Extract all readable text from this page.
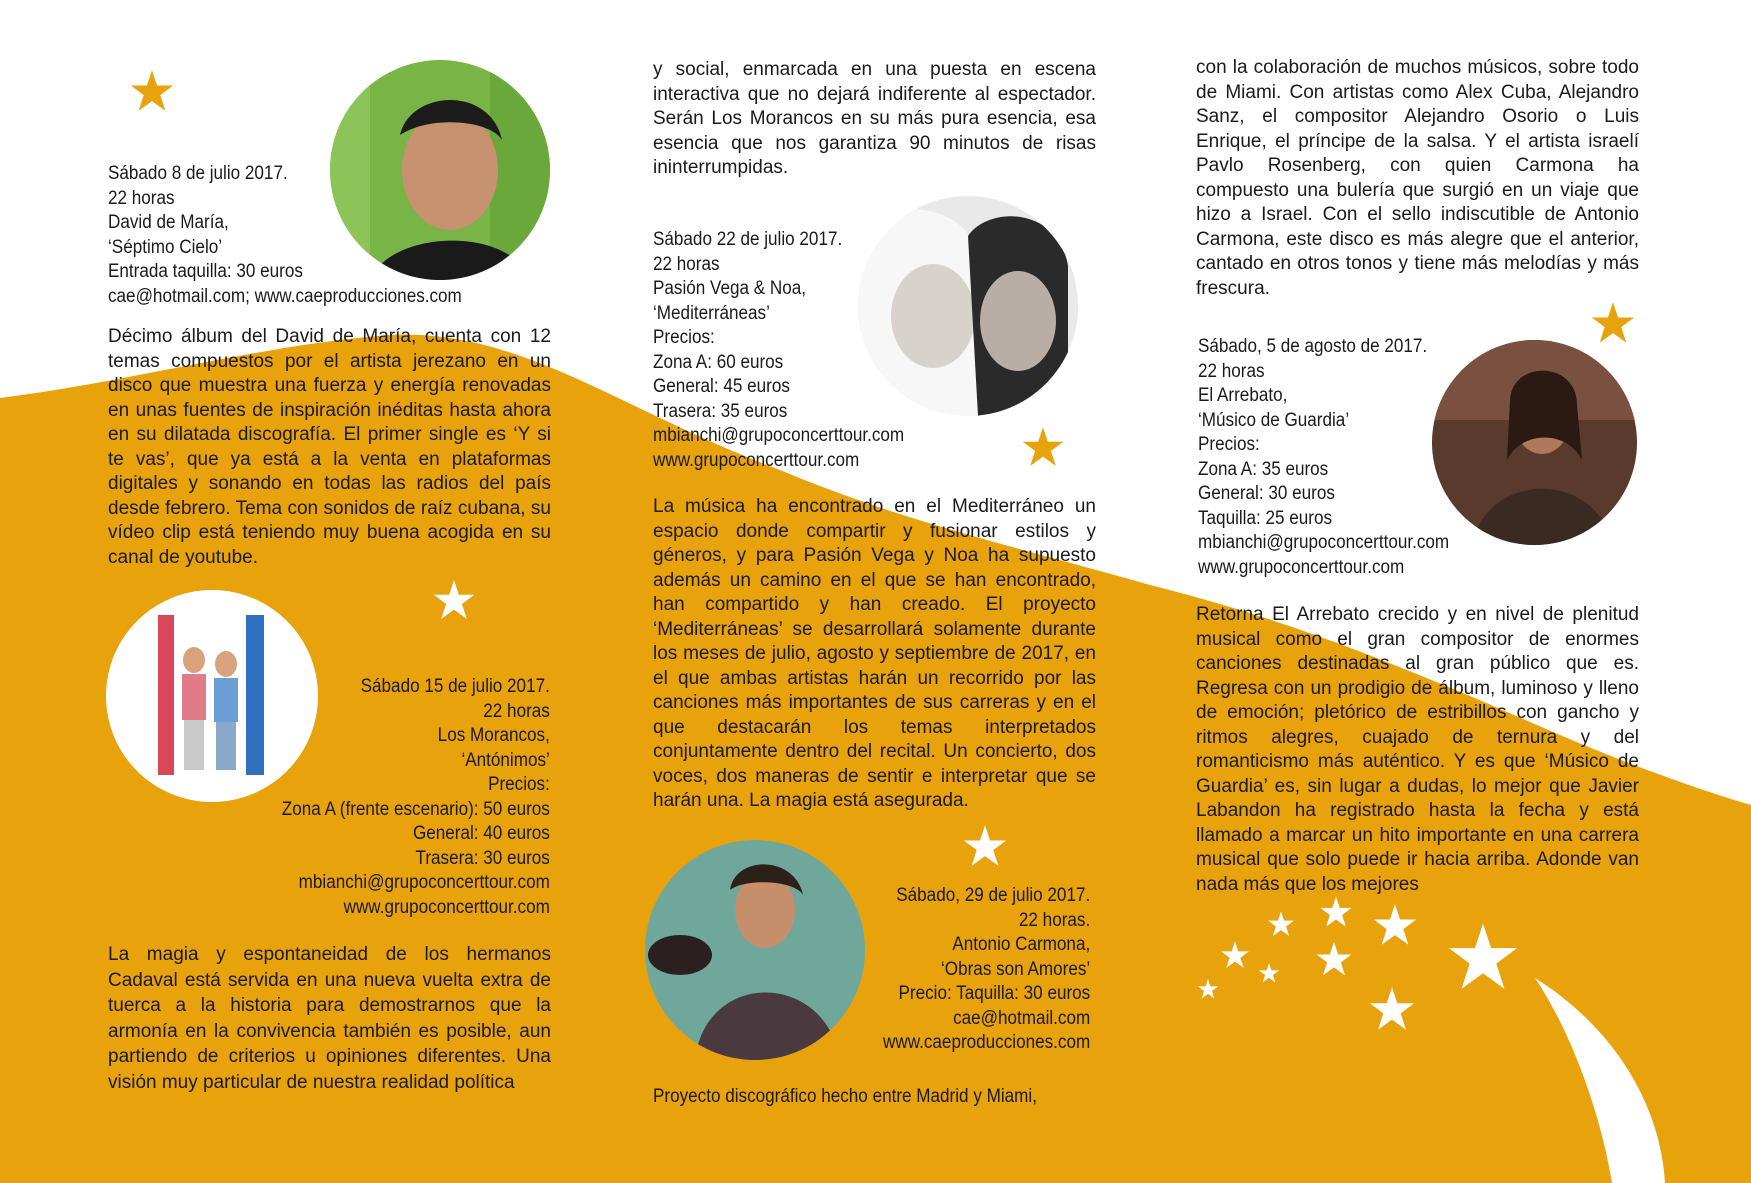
Sábado 8 de julio 2017.
22 horas
David de María,
‘Séptimo Cielo’
Entrada taquilla: 30 euros
cae@hotmail.com; www.caeproducciones.com

Décimo álbum del David de María, cuenta con 12 temas compuestos por el artista jerezano en un disco que muestra una fuerza y energía renovadas en unas fuentes de inspiración inéditas hasta ahora en su dilatada discografía. El primer single es ‘Y si te vas’, que ya está a la venta en plataformas digitales y sonando en todas las radios del país desde febrero. Tema con sonidos de raíz cubana, su vídeo clip está teniendo muy buena acogida en su canal de youtube.

Sábado 15 de julio 2017.
22 horas
Los Morancos,
‘Antónimos’
Precios:
Zona A (frente escenario): 50 euros
General: 40 euros
Trasera: 30 euros
mbianchi@grupoconcerttour.com
www.grupoconcerttour.com

La magia y espontaneidad de los hermanos Cadaval está servida en una nueva vuelta extra de tuerca a la historia para demostrarnos que la armonía en la convivencia también es posible, aun partiendo de criterios u opiniones diferentes. Una visión muy particular de nuestra realidad política

y social, enmarcada en una puesta en escena interactiva que no dejará indiferente al espectador. Serán Los Morancos en su más pura esencia, esa esencia que nos garantiza 90 minutos de risas ininterrumpidas.

Sábado 22 de julio 2017.
22 horas
Pasión Vega & Noa,
‘Mediterráneas’
Precios:
Zona A: 60 euros
General: 45 euros
Trasera: 35 euros
mbianchi@grupoconcerttour.com
www.grupoconcerttour.com

La música ha encontrado en el Mediterráneo un espacio donde compartir y fusionar estilos y géneros, y para Pasión Vega y Noa ha supuesto además un camino en el que se han encontrado, han compartido y han creado. El proyecto ‘Mediterráneas’ se desarrollará solamente durante los meses de julio, agosto y septiembre de 2017, en el que ambas artistas harán un recorrido por las canciones más importantes de sus carreras y en el que destacarán los temas interpretados conjuntamente dentro del recital. Un concierto, dos voces, dos maneras de sentir e interpretar que se harán una. La magia está asegurada.

Sábado, 29 de julio 2017.
22 horas.
Antonio Carmona,
‘Obras son Amores’
Precio: Taquilla: 30 euros
cae@hotmail.com
www.caeproducciones.com
Proyecto discográfico hecho entre Madrid y Miami,

con la colaboración de muchos músicos, sobre todo de Miami. Con artistas como Alex Cuba, Alejandro Sanz, el compositor Alejandro Osorio o Luis Enrique, el príncipe de la salsa. Y el artista israelí Pavlo Rosenberg, con quien Carmona ha compuesto una bulería que surgió en un viaje que hizo a Israel. Con el sello indiscutible de Antonio Carmona, este disco es más alegre que el anterior, cantado en otros tonos y tiene más melodías y más frescura.

Sábado, 5 de agosto de 2017.
22 horas
El Arrebato,
‘Músico de Guardia’
Precios:
Zona A: 35 euros
General: 30 euros
Taquilla: 25 euros
mbianchi@grupoconcerttour.com
www.grupoconcerttour.com

Retorna El Arrebato crecido y en nivel de plenitud musical como el gran compositor de enormes canciones destinadas al gran público que es. Regresa con un prodigio de álbum, luminoso y lleno de emoción; pletórico de estribillos con gancho y ritmos alegres, cuajado de ternura y del romanticismo más auténtico. Y es que ‘Músico de Guardia’ es, sin lugar a dudas, lo mejor que Javier Labandon ha registrado hasta la fecha y está llamado a marcar un hito importante en una carrera musical que solo puede ir hacia arriba. Adonde van nada más que los mejores
